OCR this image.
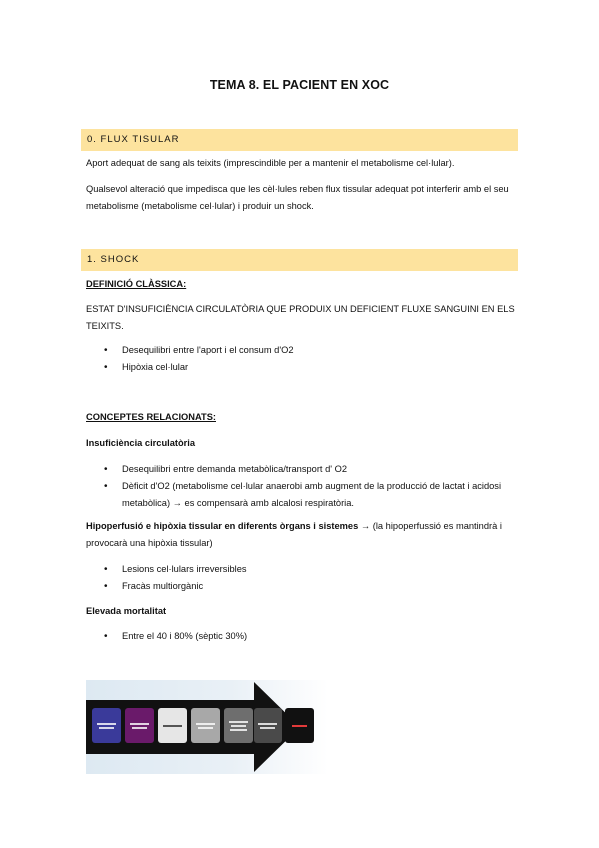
TEMA 8. EL PACIENT EN XOC
0. FLUX TISULAR
Aport adequat de sang als teixits (imprescindible per a mantenir el metabolisme cel·lular).
Qualsevol alteració que impedisca que les cèl·lules reben flux tissular adequat pot interferir amb el seu metabolisme (metabolisme cel·lular) i produir un shock.
1. SHOCK
DEFINICIÓ CLÀSSICA:
ESTAT D'INSUFICIÈNCIA CIRCULATÒRIA QUE PRODUIX UN DEFICIENT FLUXE SANGUINI EN ELS TEIXITS.
• Desequilibri entre l'aport i el consum d'O2
• Hipòxia cel·lular
CONCEPTES RELACIONATS:
Insuficiència circulatòria
• Desequilibri entre demanda metabòlica/transport d' O2
• Dèficit d'O2 (metabolisme cel·lular anaerobi amb augment de la producció de lactat i acidosi metabòlica) → es compensarà amb alcalosi respiratòria.
Hipoperfusió e hipòxia tissular en diferents òrgans i sistemes → (la hipoperfussió es mantindrà i provocarà una hipòxia tissular)
• Lesions cel·lulars irreversibles
• Fracàs multiorgànic
Elevada mortalitat
• Entre el 40 i 80% (sèptic 30%)
